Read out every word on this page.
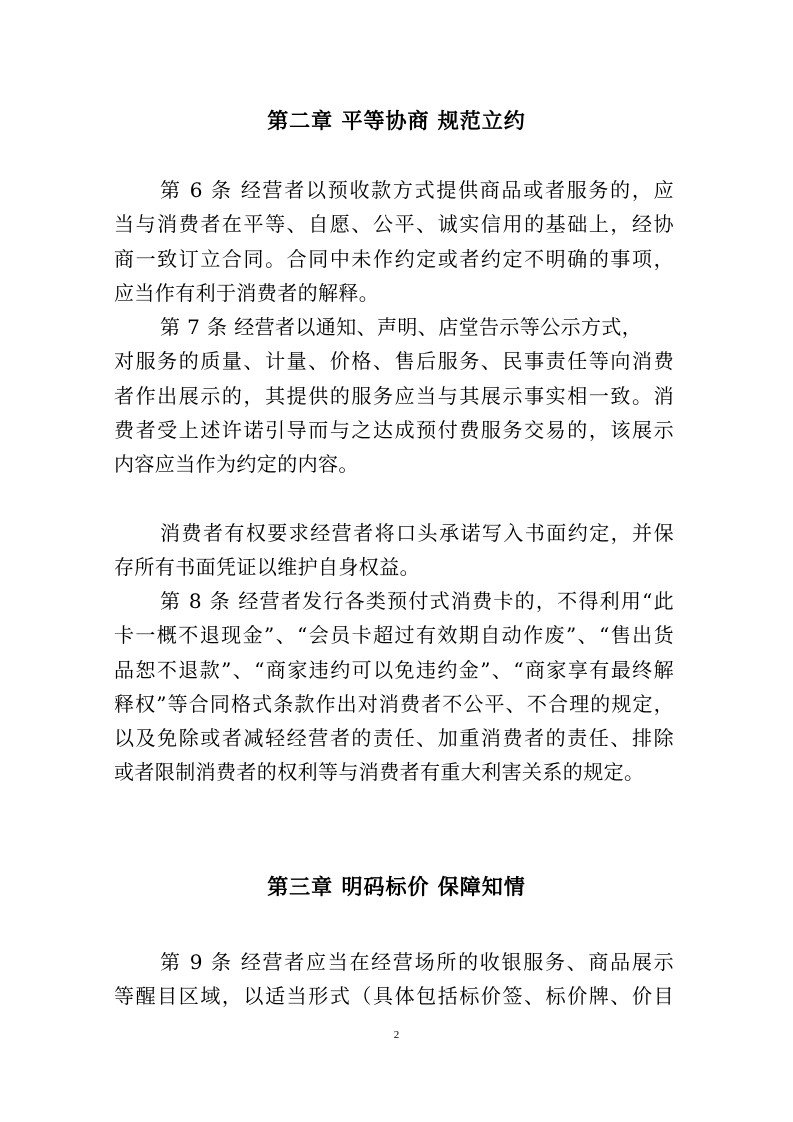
第二章 平等协商 规范立约
第 6 条 经营者以预收款方式提供商品或者服务的，应
当与消费者在平等、自愿、公平、诚实信用的基础上，经协
商一致订立合同。合同中未作约定或者约定不明确的事项，
应当作有利于消费者的解释。
第 7 条 经营者以通知、声明、店堂告示等公示方式，
对服务的质量、计量、价格、售后服务、民事责任等向消费
者作出展示的，其提供的服务应当与其展示事实相一致。消
费者受上述许诺引导而与之达成预付费服务交易的，该展示
内容应当作为约定的内容。
消费者有权要求经营者将口头承诺写入书面约定，并保
存所有书面凭证以维护自身权益。
第 8 条 经营者发行各类预付式消费卡的，不得利用“此
卡一概不退现金”、“会员卡超过有效期自动作废”、“售出货
品恕不退款”、“商家违约可以免违约金”、“商家享有最终解
释权”等合同格式条款作出对消费者不公平、不合理的规定，
以及免除或者减轻经营者的责任、加重消费者的责任、排除
或者限制消费者的权利等与消费者有重大利害关系的规定。
第三章 明码标价 保障知情
第 9 条 经营者应当在经营场所的收银服务、商品展示
等醒目区域，以适当形式（具体包括标价签、标价牌、价目
2
